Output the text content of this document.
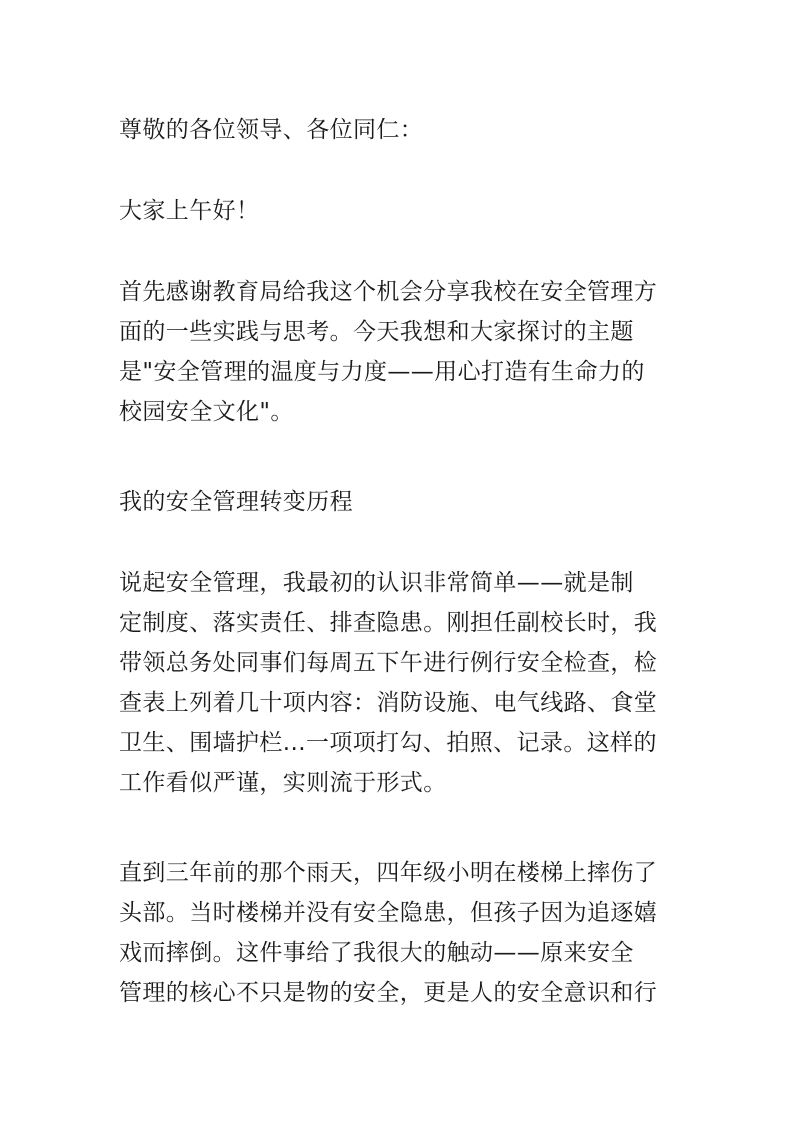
尊敬的各位领导、各位同仁：
大家上午好！
首先感谢教育局给我这个机会分享我校在安全管理方
面的一些实践与思考。今天我想和大家探讨的主题
是"安全管理的温度与力度——用心打造有生命力的
校园安全文化"。
我的安全管理转变历程
说起安全管理，我最初的认识非常简单——就是制
定制度、落实责任、排查隐患。刚担任副校长时，我
带领总务处同事们每周五下午进行例行安全检查，检
查表上列着几十项内容：消防设施、电气线路、食堂
卫生、围墙护栏...一项项打勾、拍照、记录。这样的
工作看似严谨，实则流于形式。
直到三年前的那个雨天，四年级小明在楼梯上摔伤了
头部。当时楼梯并没有安全隐患，但孩子因为追逐嬉
戏而摔倒。这件事给了我很大的触动——原来安全
管理的核心不只是物的安全，更是人的安全意识和行
